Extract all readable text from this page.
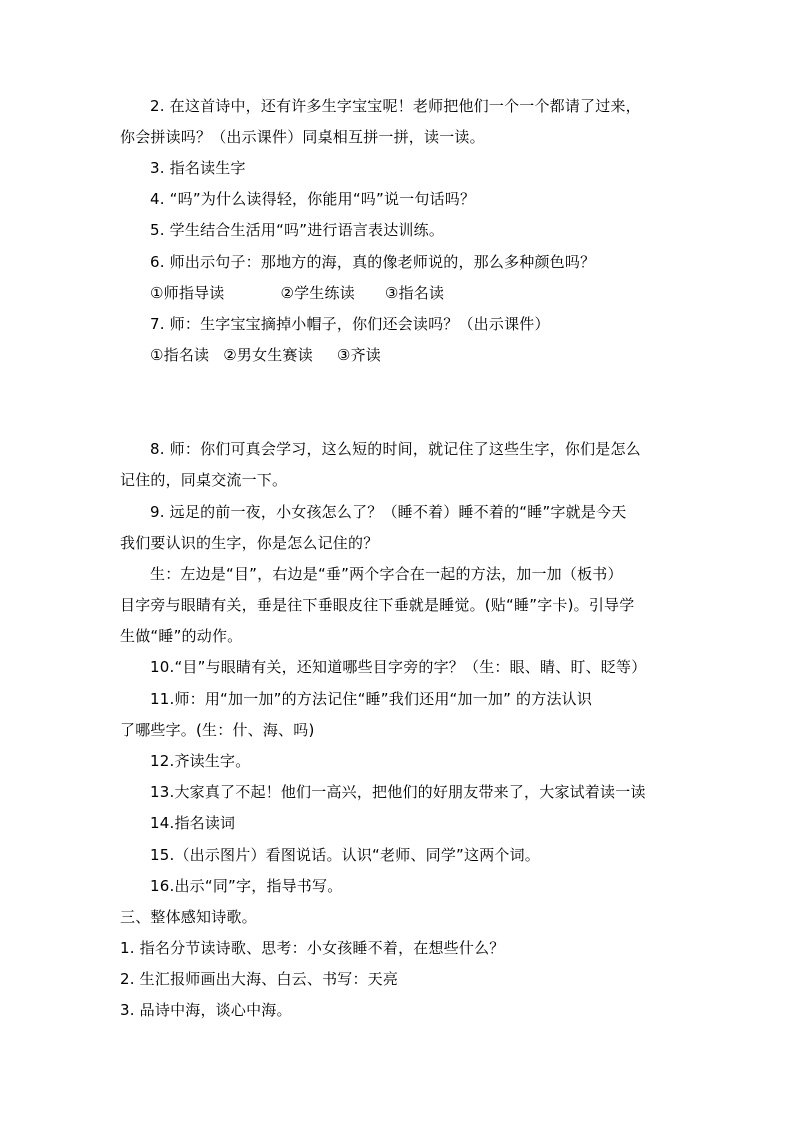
2. 在这首诗中，还有许多生字宝宝呢！老师把他们一个一个都请了过来，
你会拼读吗？（出示课件）同桌相互拼一拼，读一读。
3. 指名读生字
4. “吗”为什么读得轻，你能用“吗”说一句话吗？
5. 学生结合生活用“吗”进行语言表达训练。
6. 师出示句子：那地方的海，真的像老师说的，那么多种颜色吗？
①师指导读	②学生练读 ③指名读
7. 师：生字宝宝摘掉小帽子，你们还会读吗？（出示课件）
①指名读 ②男女生赛读 ③齐读
8. 师：你们可真会学习，这么短的时间，就记住了这些生字，你们是怎么
记住的，同桌交流一下。
9. 远足的前一夜，小女孩怎么了？（睡不着）睡不着的“睡”字就是今天
我们要认识的生字，你是怎么记住的？
生：左边是“目”，右边是“垂”两个字合在一起的方法，加一加（板书）
目字旁与眼睛有关，垂是往下垂眼皮往下垂就是睡觉。(贴“睡”字卡)。引导学
生做“睡”的动作。
10.“目”与眼睛有关，还知道哪些目字旁的字？（生：眼、睛、盯、眨等）
11.师：用“加一加”的方法记住“睡”我们还用“加一加” 的方法认识
了哪些字。(生：什、海、吗)
12.齐读生字。
13.大家真了不起！他们一高兴，把他们的好朋友带来了，大家试着读一读
14.指名读词
15.（出示图片）看图说话。认识“老师、同学”这两个词。
16.出示“同”字，指导书写。
三、整体感知诗歌。
1. 指名分节读诗歌、思考：小女孩睡不着，在想些什么？
2. 生汇报师画出大海、白云、书写：天亮
3. 品诗中海，谈心中海。
